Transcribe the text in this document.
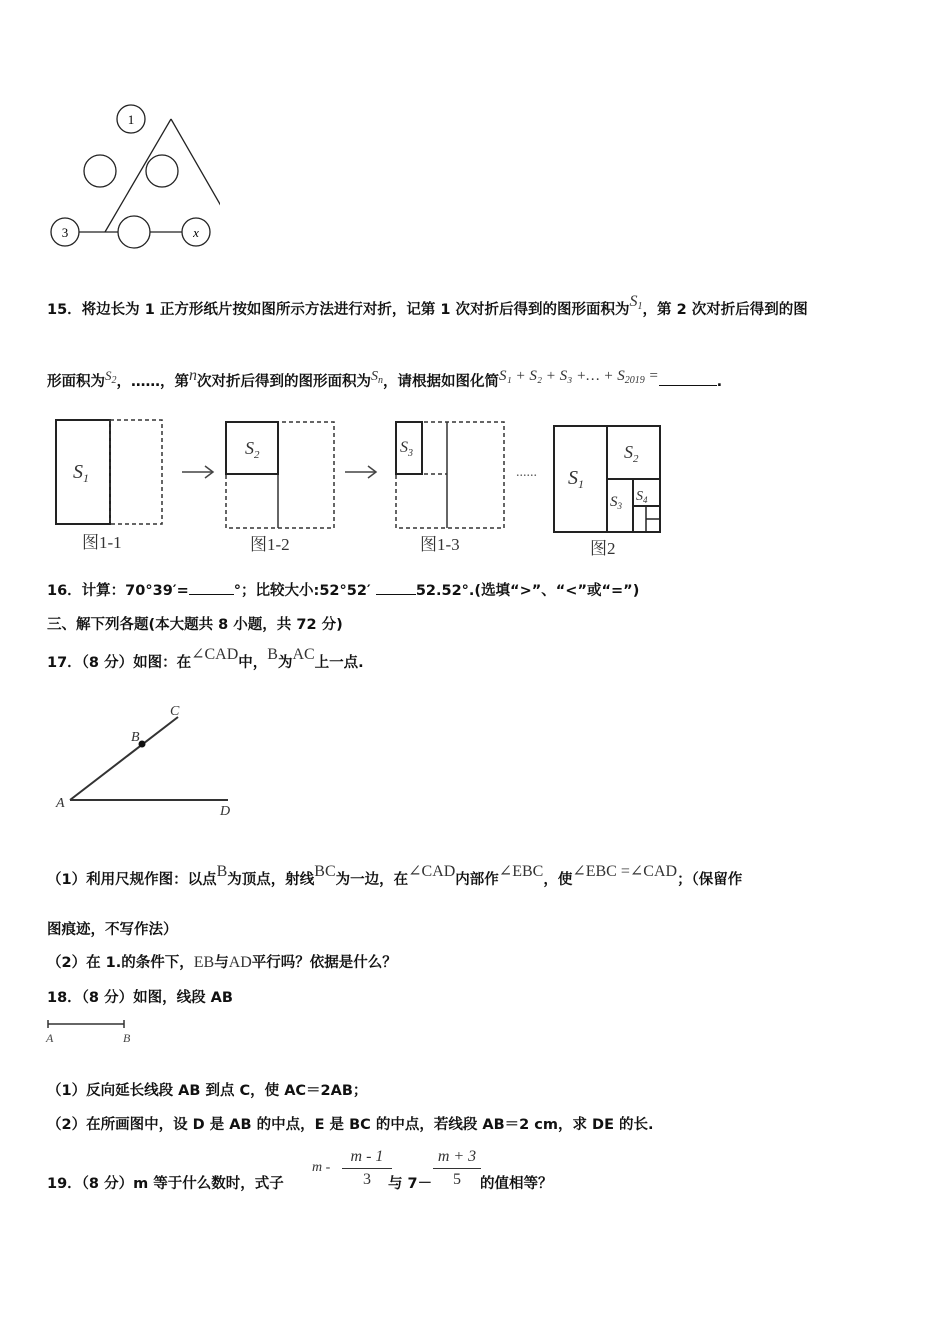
1
3	x
15．将边长为 1 正方形纸片按如图所示方法进行对折，记第 1 次对折后得到的图形面积为S1，第 2 次对折后得到的图
形面积为$S_2$，……，第n次对折后得到的图形面积为$S_n$，请根据如图化简S₁ + S₂ + S₃ +… + $S_{2019}$ =	.
$S_1$
图1-1
$S_2$
图1-2
$S_3$
图1-3
...... $S_1$
$S_2$
$S_3$
$S_4$
图2
16．计算：70°39′=	°；比较大小:52°52′	52.52°.(选填“>”、“<”或“=”)
三、解下列各题(本大题共 8 小题，共 72 分)
17．（8 分）如图：在∠CAD中，B为AC上一点.
A
B
C
D
（1）利用尺规作图：以点B为顶点，射线BC为一边，在∠CAD内部作∠EBC，使∠EBC =∠CAD；（保留作
图痕迹，不写作法）
（2）在 1.的条件下，EB与AD平行吗？依据是什么？
18．（8 分）如图，线段 AB
A	B
（1）反向延长线段 AB 到点 C，使 AC＝2AB；
（2）在所画图中，设 D 是 AB 的中点，E 是 BC 的中点，若线段 AB＝2 cm，求 DE 的长.
19．（8 分）m 等于什么数时，式子
m -
m - 1
3	与 7－
m + 3
5	的值相等？
